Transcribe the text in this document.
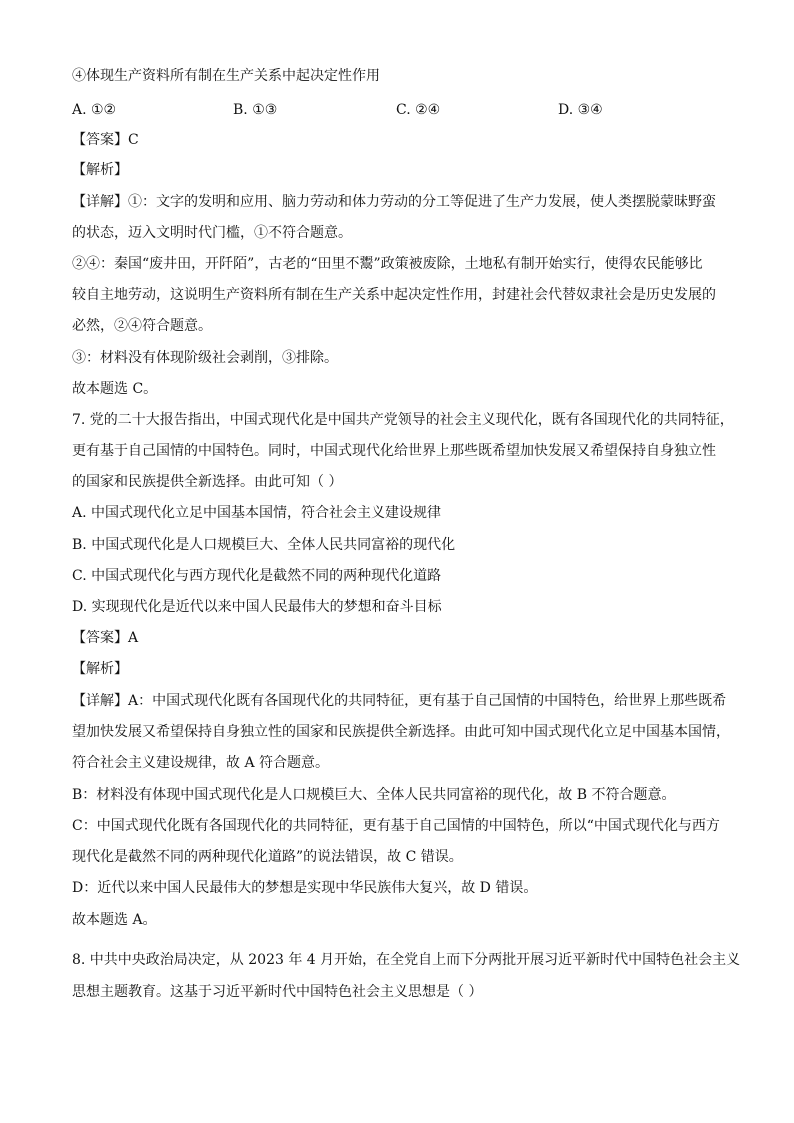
④体现生产资料所有制在生产关系中起决定性作用
A. ①②	B. ①③	C. ②④	D. ③④
【答案】C
【解析】
【详解】①：文字的发明和应用、脑力劳动和体力劳动的分工等促进了生产力发展，使人类摆脱蒙昧野蛮
的状态，迈入文明时代门槛，①不符合题意。
②④：秦国“废井田，开阡陌”，古老的“田里不鬻”政策被废除，土地私有制开始实行，使得农民能够比
较自主地劳动，这说明生产资料所有制在生产关系中起决定性作用，封建社会代替奴隶社会是历史发展的
必然，②④符合题意。
③：材料没有体现阶级社会剥削，③排除。
故本题选 C。
7. 党的二十大报告指出，中国式现代化是中国共产党领导的社会主义现代化，既有各国现代化的共同特征，
更有基于自己国情的中国特色。同时，中国式现代化给世界上那些既希望加快发展又希望保持自身独立性
的国家和民族提供全新选择。由此可知（ ）
A. 中国式现代化立足中国基本国情，符合社会主义建设规律
B. 中国式现代化是人口规模巨大、全体人民共同富裕的现代化
C. 中国式现代化与西方现代化是截然不同的两种现代化道路
D. 实现现代化是近代以来中国人民最伟大的梦想和奋斗目标
【答案】A
【解析】
【详解】A：中国式现代化既有各国现代化的共同特征，更有基于自己国情的中国特色，给世界上那些既希
望加快发展又希望保持自身独立性的国家和民族提供全新选择。由此可知中国式现代化立足中国基本国情，
符合社会主义建设规律，故 A 符合题意。
B：材料没有体现中国式现代化是人口规模巨大、全体人民共同富裕的现代化，故 B 不符合题意。
C：中国式现代化既有各国现代化的共同特征，更有基于自己国情的中国特色，所以“中国式现代化与西方
现代化是截然不同的两种现代化道路”的说法错误，故 C 错误。
D：近代以来中国人民最伟大的梦想是实现中华民族伟大复兴，故 D 错误。
故本题选 A。
8. 中共中央政治局决定，从 2023 年 4 月开始，在全党自上而下分两批开展习近平新时代中国特色社会主义
思想主题教育。这基于习近平新时代中国特色社会主义思想是（ ）
